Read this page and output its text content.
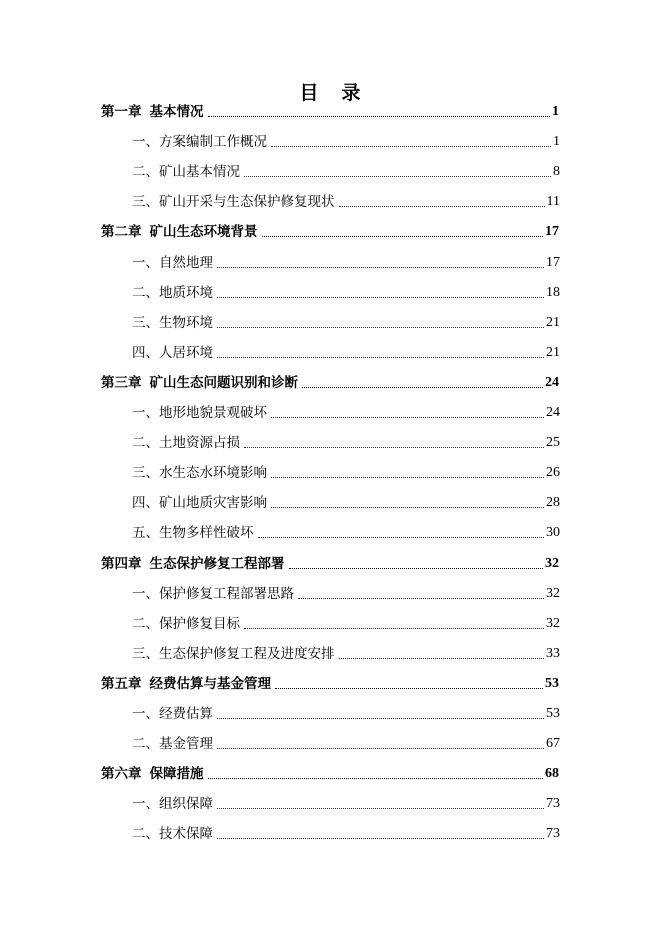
目　录
第一章 基本情况	1
一、方案编制工作概况	1
二、矿山基本情况	8
三、矿山开采与生态保护修复现状	11
第二章 矿山生态环境背景	17
一、自然地理	17
二、地质环境	18
三、生物环境	21
四、人居环境	21
第三章 矿山生态问题识别和诊断	24
一、地形地貌景观破坏	24
二、土地资源占损	25
三、水生态水环境影响	26
四、矿山地质灾害影响	28
五、生物多样性破坏	30
第四章 生态保护修复工程部署	32
一、保护修复工程部署思路	32
二、保护修复目标	32
三、生态保护修复工程及进度安排	33
第五章 经费估算与基金管理	53
一、经费估算	53
二、基金管理	67
第六章 保障措施	68
一、组织保障	73
二、技术保障	73
